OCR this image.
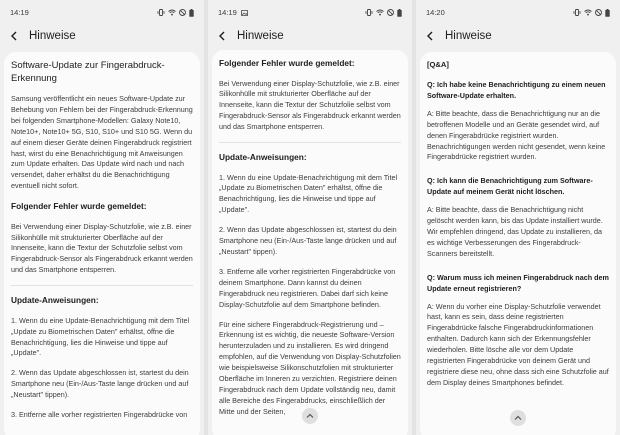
14:19
Hinweise
Software-Update zur Fingerabdruck-Erkennung

Samsung veröffentlicht ein neues Software-Update zur Behebung von Fehlern bei der Fingerabdruck-Erkennung bei folgenden Smartphone-Modellen: Galaxy Note10, Note10+, Note10+ 5G, S10, S10+ und S10 5G. Wenn du auf einem dieser Geräte deinen Fingerabdruck registriert hast, wirst du eine Benachrichtigung mit Anweisungen zum Update erhalten. Das Update wird nach und nach versendet, daher erhältst du die Benachrichtigung eventuell nicht sofort.

Folgender Fehler wurde gemeldet:

Bei Verwendung einer Display-Schutzfolie, wie z.B. einer Silikonhülle mit strukturierter Oberfläche auf der Innenseite, kann die Textur der Schutzfolie selbst vom Fingerabdruck-Sensor als Fingerabdruck erkannt werden und das Smartphone entsperren.

Update-Anweisungen:

1. Wenn du eine Update-Benachrichtigung mit dem Titel „Update zu Biometrischen Daten" erhältst, öffne die Benachrichtigung, lies die Hinweise und tippe auf „Update".

2. Wenn das Update abgeschlossen ist, startest du dein Smartphone neu (Ein-/Aus-Taste lange drücken und auf „Neustart" tippen).

3. Entferne alle vorher registrierten Fingerabdrücke von

14:19
Hinweise
Folgender Fehler wurde gemeldet:

Bei Verwendung einer Display-Schutzfolie, wie z.B. einer Silikonhülle mit strukturierter Oberfläche auf der Innenseite, kann die Textur der Schutzfolie selbst vom Fingerabdruck-Sensor als Fingerabdruck erkannt werden und das Smartphone entsperren.

Update-Anweisungen:

1. Wenn du eine Update-Benachrichtigung mit dem Titel „Update zu Biometrischen Daten" erhältst, öffne die Benachrichtigung, lies die Hinweise und tippe auf „Update".

2. Wenn das Update abgeschlossen ist, startest du dein Smartphone neu (Ein-/Aus-Taste lange drücken und auf „Neustart" tippen).

3. Entferne alle vorher registrierten Fingerabdrücke von deinem Smartphone. Dann kannst du deinen Fingerabdruck neu registrieren. Dabei darf sich keine Display-Schutzfolie auf dem Smartphone befinden.

Für eine sichere Fingerabdruck-Registrierung und – Erkennung ist es wichtig, die neueste Software-Version herunterzuladen und zu installieren. Es wird dringend empfohlen, auf die Verwendung von Display-Schutzfolien wie beispielsweise Silikonschutzfolien mit strukturierter Oberfläche im Inneren zu verzichten. Registriere deinen Fingerabdruck nach dem Update vollständig neu, damit alle Bereiche des Fingerabdrucks, einschließlich der Mitte und der Seiten,

14:20
Hinweise
[Q&A]

Q: Ich habe keine Benachrichtigung zu einem neuen Software-Update erhalten.

A: Bitte beachte, dass die Benachrichtigung nur an die betroffenen Modelle und an Geräte gesendet wird, auf denen Fingerabdrücke registriert wurden. Benachrichtigungen werden nicht gesendet, wenn keine Fingerabdrücke registriert wurden.

Q: Ich kann die Benachrichtigung zum Software-Update auf meinem Gerät nicht löschen.

A: Bitte beachte, dass die Benachrichtigung nicht gelöscht werden kann, bis das Update installiert wurde. Wir empfehlen dringend, das Update zu installieren, da es wichtige Verbesserungen des Fingerabdruck-Scanners bereitstellt.

Q: Warum muss ich meinen Fingerabdruck nach dem Update erneut registrieren?

A: Wenn du vorher eine Display-Schutzfolie verwendet hast, kann es sein, dass deine registrierten Fingerabdrücke falsche Fingerabdruckinformationen enthalten. Dadurch kann sich der Erkennungsfehler wiederholen. Bitte lösche alle vor dem Update registrierten Fingerabdrücke von deinem Gerät und registriere diese neu, ohne dass sich eine Schutzfolie auf dem Display deines Smartphones befindet.
